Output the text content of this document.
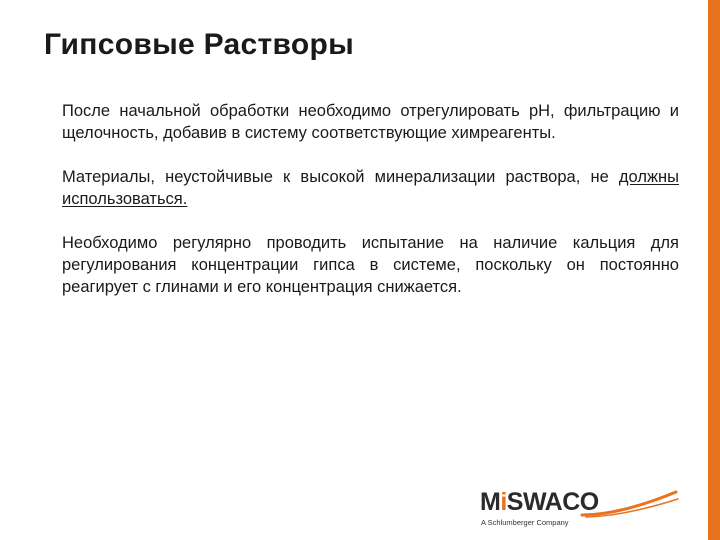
Гипсовые Растворы

После начальной обработки необходимо отрегулировать pH, фильтрацию и щелочность, добавив в систему соответствующие химреагенты.

Материалы, неустойчивые к высокой минерализации раствора, не должны использоваться.

Необходимо регулярно проводить испытание на наличие кальция для регулирования концентрации гипса в системе, поскольку он постоянно реагирует с глинами и его концентрация снижается.

MiSWACO
A Schlumberger Company
